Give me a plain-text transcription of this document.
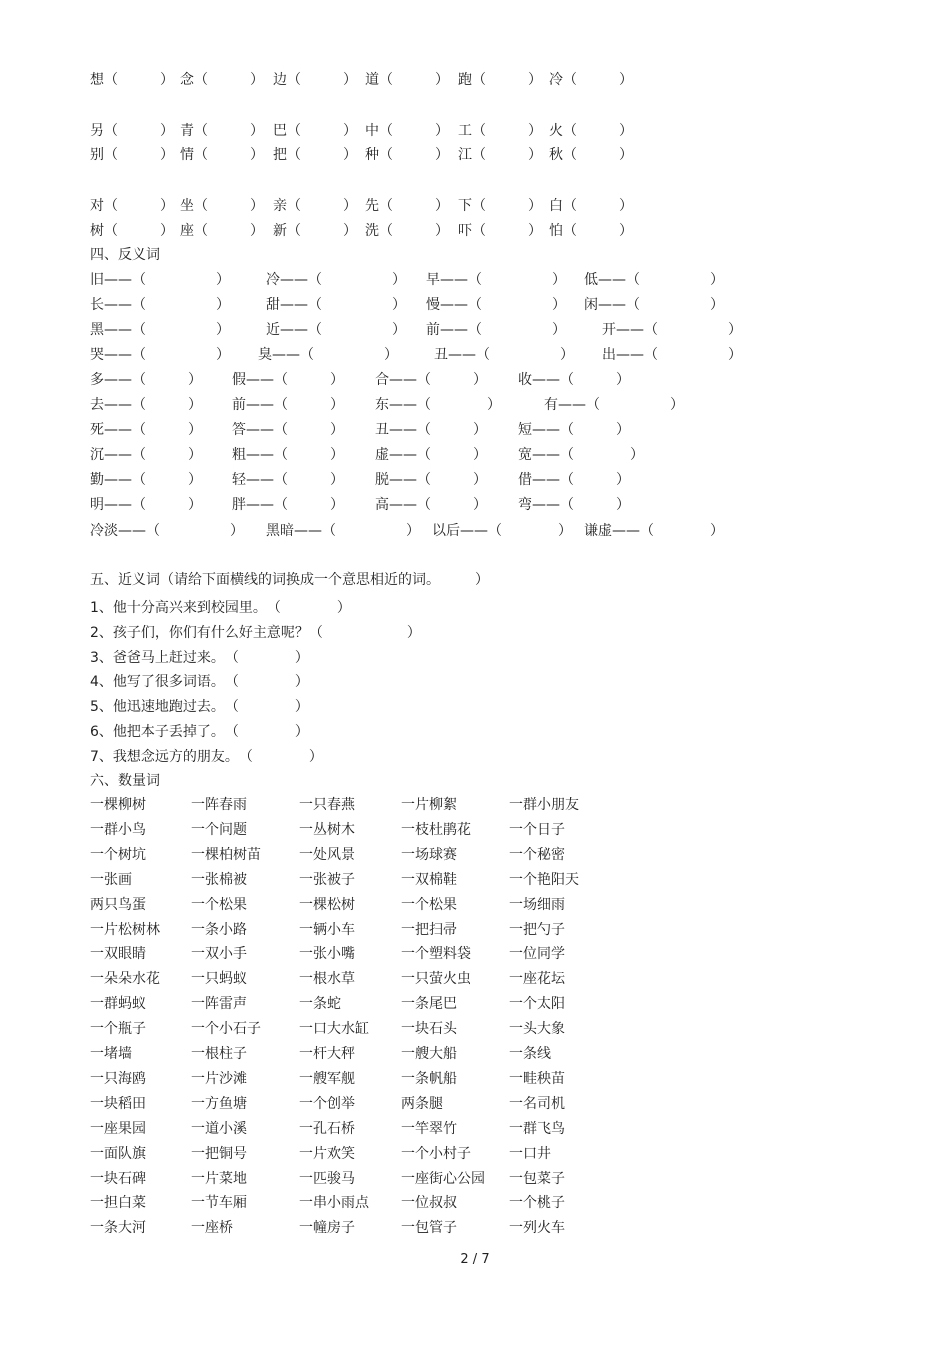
想（　　　） 念（　　　） 边（　　　） 道（　　　） 跑（　　　） 冷（　　　）
另（　　　） 青（　　　） 巴（　　　） 中（　　　） 工（　　　） 火（　　　）
别（　　　） 情（　　　） 把（　　　） 种（　　　） 江（　　　） 秋（　　　）
对（　　　） 坐（　　　） 亲（　　　） 先（　　　） 下（　　　） 白（　　　）
树（　　　） 座（　　　） 新（　　　） 洗（　　　） 吓（　　　） 怕（　　　）
四、反义词
旧——（　　　　　）	冷——（　　　　　） 早——（　　　　　） 低——（　　　　　）
长——（　　　　　）	甜——（　　　　　） 慢——（　　　　　） 闲——（　　　　　）
黑——（　　　　　）	近——（　　　　　） 前——（　　　　　）	开——（　　　　　）
哭——（　　　　　） 臭——（　　　　　）	丑——（　　　　　） 出——（　　　　　）
多——（　　　） 假——（　　　） 合——（　　　） 收——（　　　）
去——（　　　） 前——（　　　） 东——（　　　　）	有——（　　　　　）
死——（　　　） 答——（　　　） 丑——（　　　） 短——（　　　）
沉——（　　　） 粗——（　　　） 虚——（　　　） 宽——（　　　　）
勤——（　　　） 轻——（　　　） 脱——（　　　） 借——（　　　）
明——（　　　） 胖——（　　　） 高——（　　　） 弯——（　　　）
冷淡——（　　　　　） 黑暗——（　　　　　） 以后——（　　　　） 谦虚——（　　　　）
五、近义词（请给下面横线的词换成一个意思相近的词。　　　）
1、他十分高兴来到校园里。　（　　　　）
2、孩子们，你们有什么好主意呢？（　　　　　　）
3、爸爸马上赶过来。　（　　　　）
4、他写了很多词语。　（　　　　）
5、他迅速地跑过去。　（　　　　）
6、他把本子丢掉了。　（　　　　）
7、我想念远方的朋友。　（　　　　）
六、数量词
一棵柳树	一阵春雨	一只春燕	一片柳絮	一群小朋友
一群小鸟	一个问题	一丛树木	一枝杜鹃花	一个日子
一个树坑	一棵柏树苗	一处风景	一场球赛	一个秘密
一张画	一张棉被	一张被子	一双棉鞋	一个艳阳天
两只鸟蛋	一个松果	一棵松树	一个松果	一场细雨
一片松树林 一条小路	一辆小车	一把扫帚	一把勺子
一双眼睛	一双小手	一张小嘴	一个塑料袋	一位同学
一朵朵水花 一只蚂蚁	一根水草	一只萤火虫	一座花坛
一群蚂蚁	一阵雷声	一条蛇	一条尾巴	一个太阳
一个瓶子	一个小石子	一口大水缸 一块石头	一头大象
一堵墙	一根柱子	一杆大秤	一艘大船	一条线
一只海鸥	一片沙滩	一艘军舰	一条帆船	一畦秧苗
一块稻田	一方鱼塘	一个创举	两条腿	一名司机
一座果园	一道小溪	一孔石桥	一竿翠竹	一群飞鸟
一面队旗	一把铜号	一片欢笑	一个小村子	一口井
一块石碑	一片菜地	一匹骏马	一座街心公园 一包菜子
一担白菜	一节车厢	一串小雨点 一位叔叔	一个桃子
一条大河	一座桥	一幢房子	一包管子	一列火车
2 / 7
